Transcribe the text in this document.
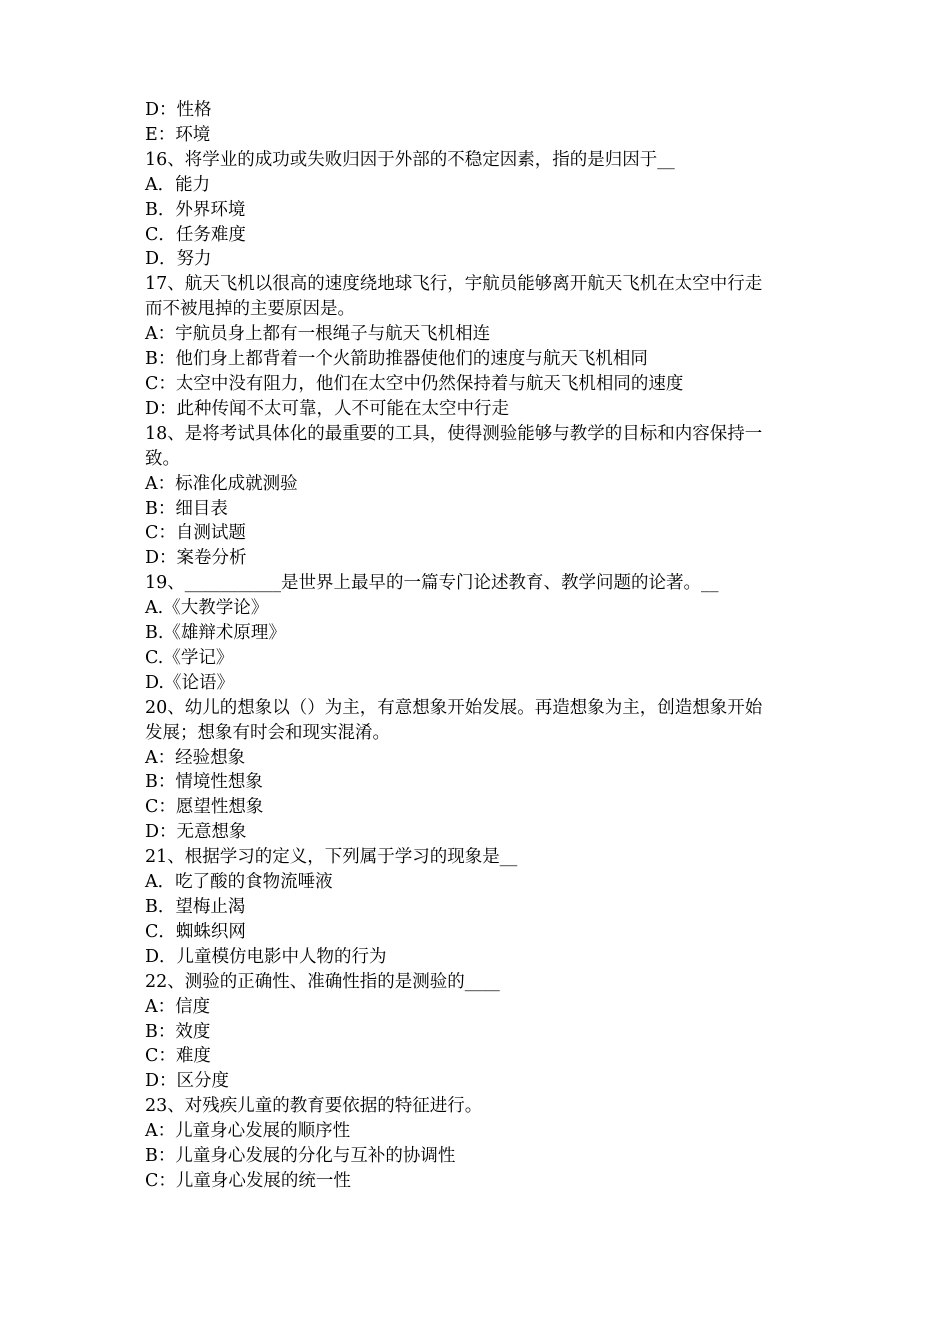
D：性格

E：环境

16、将学业的成功或失败归因于外部的不稳定因素，指的是归因于__

A．能力

B．外界环境

C．任务难度

D．努力

17、航天飞机以很高的速度绕地球飞行，宇航员能够离开航天飞机在太空中行走

而不被甩掉的主要原因是。

A：宇航员身上都有一根绳子与航天飞机相连

B：他们身上都背着一个火箭助推器使他们的速度与航天飞机相同

C：太空中没有阻力，他们在太空中仍然保持着与航天飞机相同的速度

D：此种传闻不太可靠，人不可能在太空中行走

18、是将考试具体化的最重要的工具，使得测验能够与教学的目标和内容保持一

致。

A：标准化成就测验

B：细目表

C：自测试题

D：案卷分析

19、___________是世界上最早的一篇专门论述教育、教学问题的论著。__

A.《大教学论》

B.《雄辩术原理》

C.《学记》

D.《论语》

20、幼儿的想象以（）为主，有意想象开始发展。再造想象为主，创造想象开始

发展；想象有时会和现实混淆。

A：经验想象

B：情境性想象

C：愿望性想象

D：无意想象

21、根据学习的定义，下列属于学习的现象是__

A．吃了酸的食物流唾液

B．望梅止渴

C．蜘蛛织网

D．儿童模仿电影中人物的行为

22、测验的正确性、准确性指的是测验的____

A：信度

B：效度

C：难度

D：区分度

23、对残疾儿童的教育要依据的特征进行。

A：儿童身心发展的顺序性

B：儿童身心发展的分化与互补的协调性

C：儿童身心发展的统一性
